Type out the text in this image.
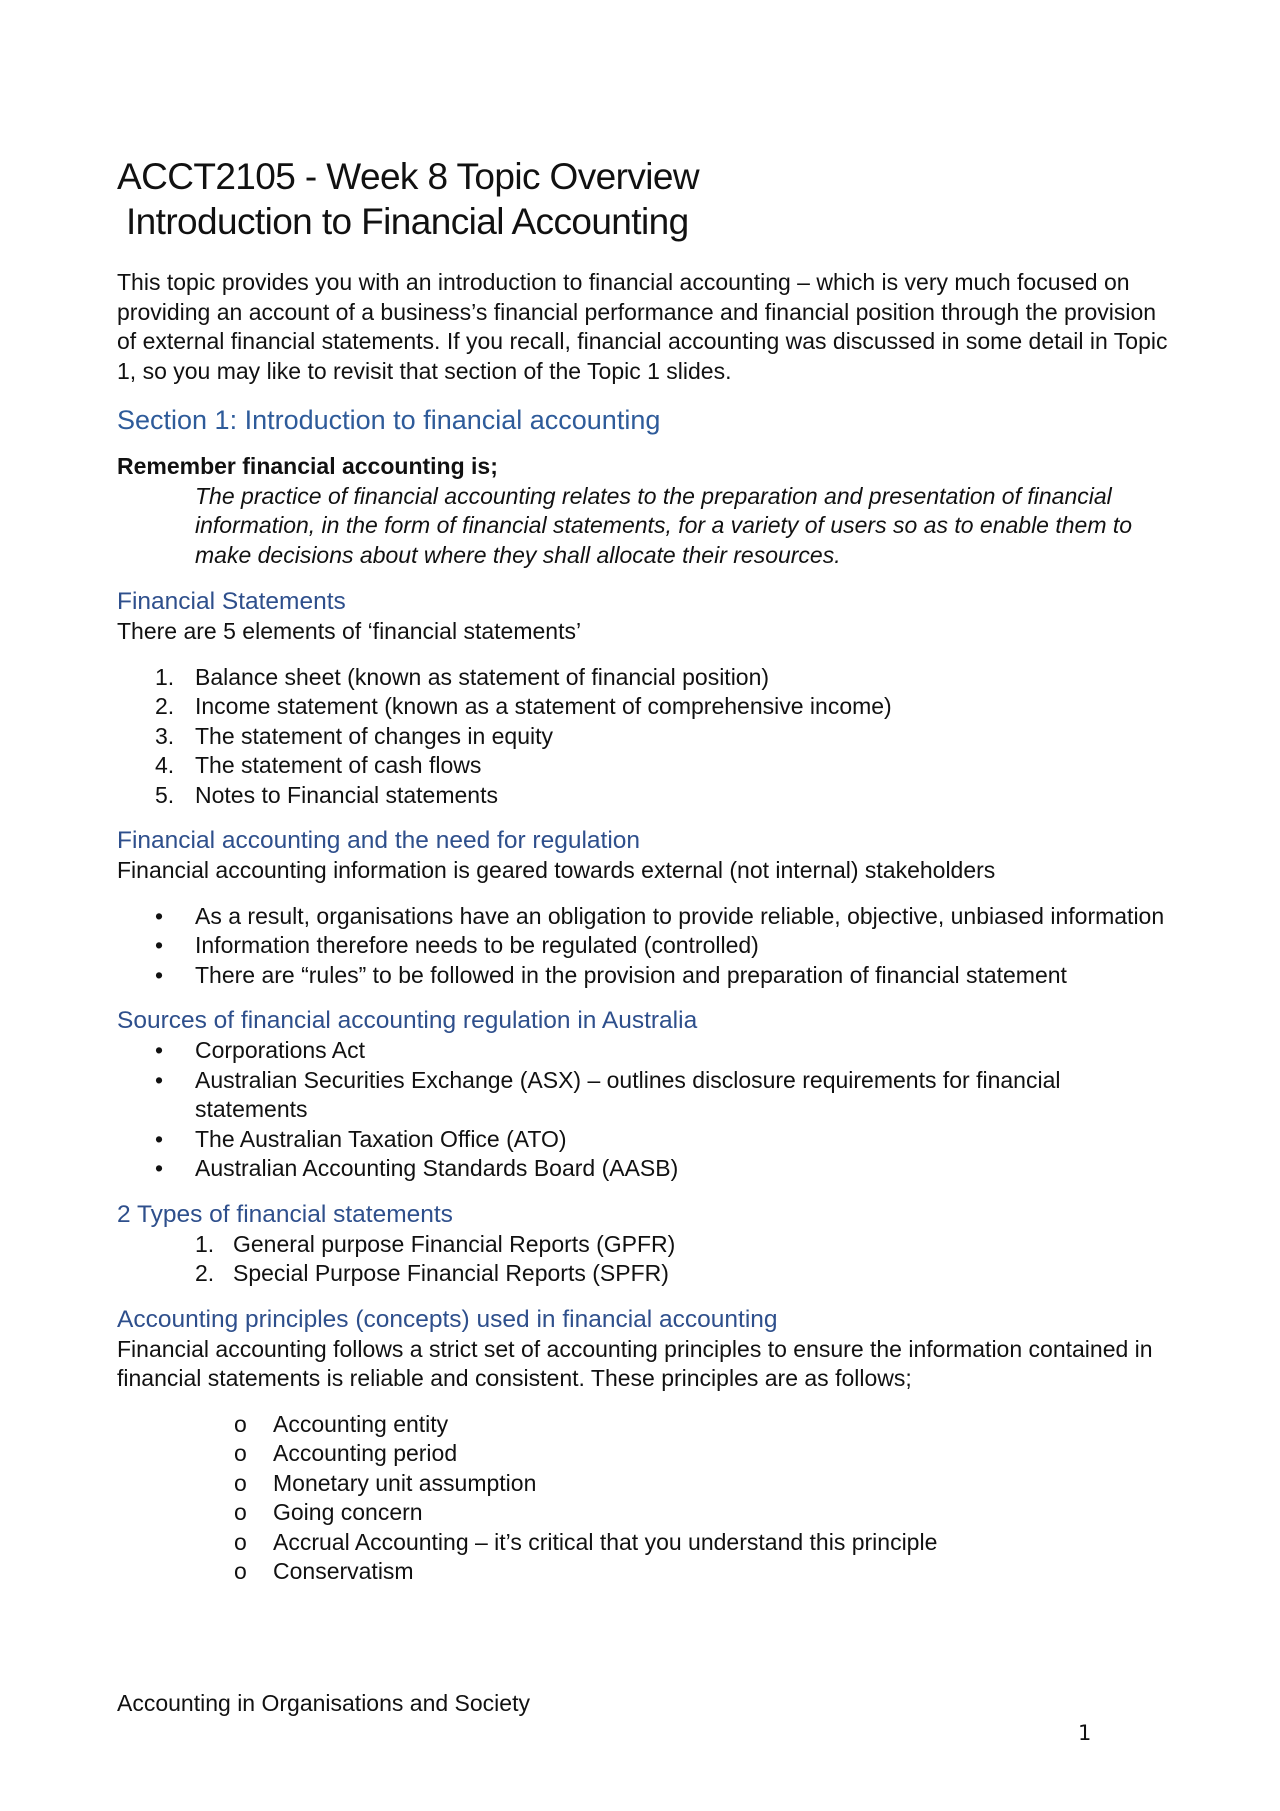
ACCT2105 - Week 8 Topic Overview
Introduction to Financial Accounting

This topic provides you with an introduction to financial accounting – which is very much focused on providing an account of a business’s financial performance and financial position through the provision of external financial statements. If you recall, financial accounting was discussed in some detail in Topic 1, so you may like to revisit that section of the Topic 1 slides.

Section 1: Introduction to financial accounting

Remember financial accounting is;

The practice of financial accounting relates to the preparation and presentation of financial information, in the form of financial statements, for a variety of users so as to enable them to make decisions about where they shall allocate their resources.

Financial Statements

There are 5 elements of ‘financial statements’

1. Balance sheet (known as statement of financial position)
2. Income statement (known as a statement of comprehensive income)
3. The statement of changes in equity
4. The statement of cash flows
5. Notes to Financial statements
Financial accounting and the need for regulation

Financial accounting information is geared towards external (not internal) stakeholders

• As a result, organisations have an obligation to provide reliable, objective, unbiased information
• Information therefore needs to be regulated (controlled)
• There are “rules” to be followed in the provision and preparation of financial statement
Sources of financial accounting regulation in Australia
• Corporations Act
• Australian Securities Exchange (ASX) – outlines disclosure requirements for financial statements
• The Australian Taxation Office (ATO)
• Australian Accounting Standards Board (AASB)
2 Types of financial statements
1. General purpose Financial Reports (GPFR)
2. Special Purpose Financial Reports (SPFR)
Accounting principles (concepts) used in financial accounting

Financial accounting follows a strict set of accounting principles to ensure the information contained in financial statements is reliable and consistent. These principles are as follows;

o Accounting entity
o Accounting period
o Monetary unit assumption
o Going concern
o Accrual Accounting – it’s critical that you understand this principle
o Conservatism

Accounting in Organisations and Society

1
